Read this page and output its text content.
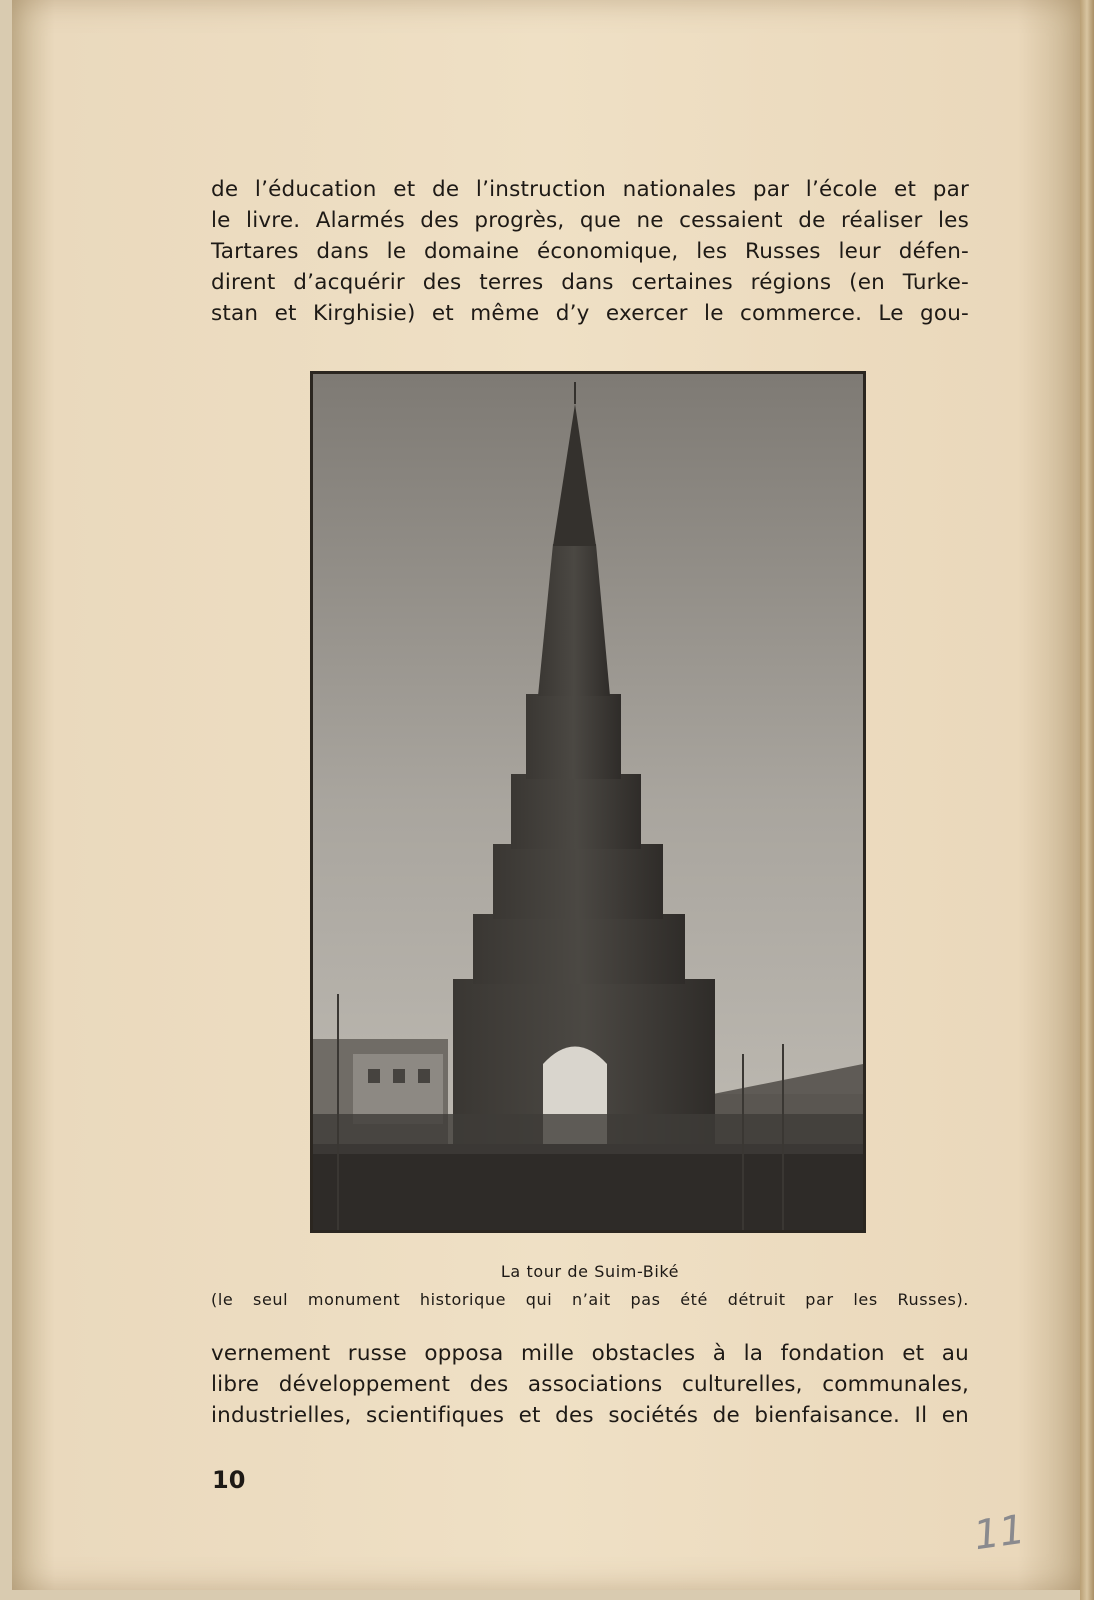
de l’éducation et de l’instruction nationales par l’école et par
le livre. Alarmés des progrès, que ne cessaient de réaliser les
Tartares dans le domaine économique, les Russes leur défen-
dirent d’acquérir des terres dans certaines régions (en Turke-
stan et Kirghisie) et même d’y exercer le commerce. Le gou-
La tour de Suim-Biké
(le seul monument historique qui n’ait pas été détruit par les Russes).
vernement russe opposa mille obstacles à la fondation et au
libre développement des associations culturelles, communales,
industrielles, scientifiques et des sociétés de bienfaisance. Il en
10
11
